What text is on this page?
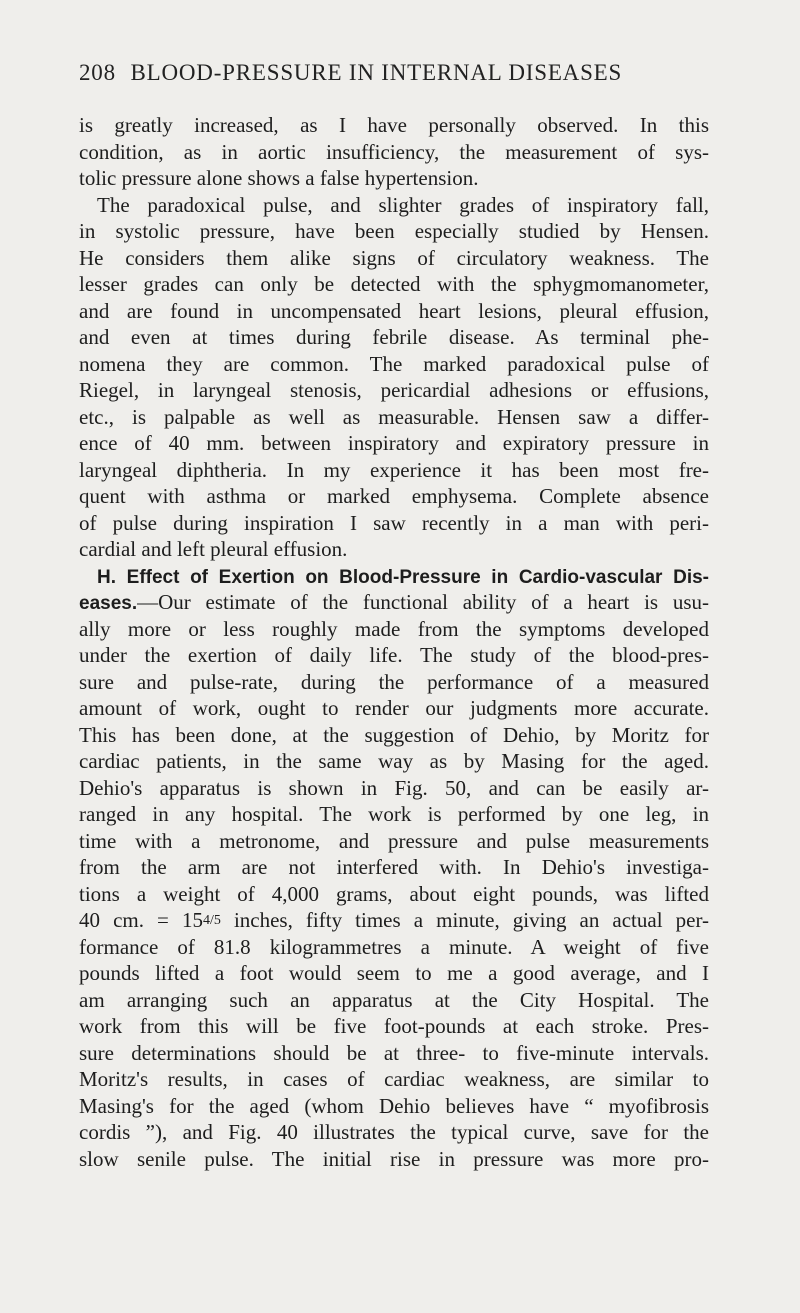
208 BLOOD-PRESSURE IN INTERNAL DISEASES
is greatly increased, as I have personally observed. In this
condition, as in aortic insufficiency, the measurement of sys-
tolic pressure alone shows a false hypertension.
The paradoxical pulse, and slighter grades of inspiratory fall,
in systolic pressure, have been especially studied by Hensen.
He considers them alike signs of circulatory weakness. The
lesser grades can only be detected with the sphygmomanometer,
and are found in uncompensated heart lesions, pleural effusion,
and even at times during febrile disease. As terminal phe-
nomena they are common. The marked paradoxical pulse of
Riegel, in laryngeal stenosis, pericardial adhesions or effusions,
etc., is palpable as well as measurable. Hensen saw a differ-
ence of 40 mm. between inspiratory and expiratory pressure in
laryngeal diphtheria. In my experience it has been most fre-
quent with asthma or marked emphysema. Complete absence
of pulse during inspiration I saw recently in a man with peri-
cardial and left pleural effusion.
H. Effect of Exertion on Blood-Pressure in Cardio-vascular Dis-
eases.—Our estimate of the functional ability of a heart is usu-
ally more or less roughly made from the symptoms developed
under the exertion of daily life. The study of the blood-pres-
sure and pulse-rate, during the performance of a measured
amount of work, ought to render our judgments more accurate.
This has been done, at the suggestion of Dehio, by Moritz for
cardiac patients, in the same way as by Masing for the aged.
Dehio's apparatus is shown in Fig. 50, and can be easily ar-
ranged in any hospital. The work is performed by one leg, in
time with a metronome, and pressure and pulse measurements
from the arm are not interfered with. In Dehio's investiga-
tions a weight of 4,000 grams, about eight pounds, was lifted
40 cm. = 154/5 inches, fifty times a minute, giving an actual per-
formance of 81.8 kilogrammetres a minute. A weight of five
pounds lifted a foot would seem to me a good average, and I
am arranging such an apparatus at the City Hospital. The
work from this will be five foot-pounds at each stroke. Pres-
sure determinations should be at three- to five-minute intervals.
Moritz's results, in cases of cardiac weakness, are similar to
Masing's for the aged (whom Dehio believes have “ myofibrosis
cordis ”), and Fig. 40 illustrates the typical curve, save for the
slow senile pulse. The initial rise in pressure was more pro-
